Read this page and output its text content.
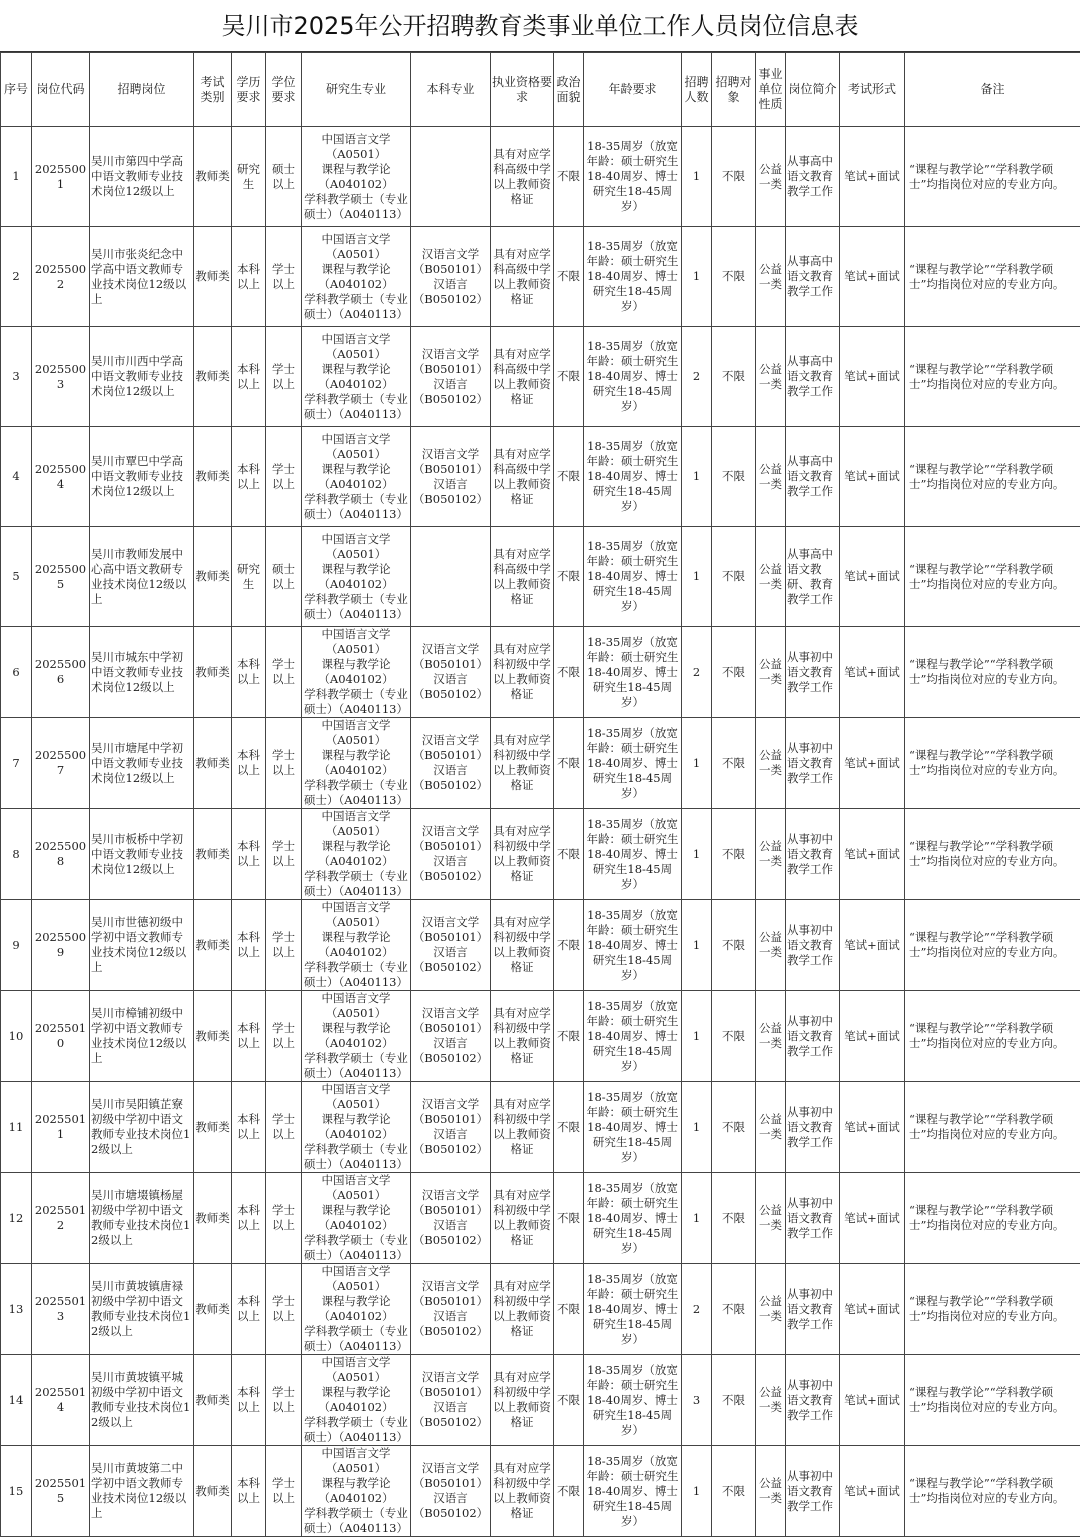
吴川市2025年公开招聘教育类事业单位工作人员岗位信息表
序号	岗位代码	招聘岗位	考试类别	学历要求	学位要求	研究生专业	本科专业	执业资格要求	政治面貌	年龄要求	招聘人数	招聘对象	事业单位性质	岗位简介	考试形式	备注
1	20255001	吴川市第四中学高中语文教师专业技术岗位12级以上	教师类	研究生	硕士以上	中国语言文学
（A0501）
课程与教学论
（A040102）
学科教学硕士（专业硕士）（A040113）		具有对应学科高级中学以上教师资格证	不限	18-35周岁（放宽年龄：硕士研究生18-40周岁、博士研究生18-45周岁）	1	不限	公益一类	从事高中语文教育教学工作	笔试+面试	“课程与教学论”“学科教学硕士”均指岗位对应的专业方向。
2	20255002	吴川市张炎纪念中学高中语文教师专业技术岗位12级以上	教师类	本科以上	学士以上	中国语言文学
（A0501）
课程与教学论
（A040102）
学科教学硕士（专业硕士）（A040113）	汉语言文学
（B050101）
汉语言
（B050102）	具有对应学科高级中学以上教师资格证	不限	18-35周岁（放宽年龄：硕士研究生18-40周岁、博士研究生18-45周岁）	1	不限	公益一类	从事高中语文教育教学工作	笔试+面试	“课程与教学论”“学科教学硕士”均指岗位对应的专业方向。
3	20255003	吴川市川西中学高中语文教师专业技术岗位12级以上	教师类	本科以上	学士以上	中国语言文学
（A0501）
课程与教学论
（A040102）
学科教学硕士（专业硕士）（A040113）	汉语言文学
（B050101）
汉语言
（B050102）	具有对应学科高级中学以上教师资格证	不限	18-35周岁（放宽年龄：硕士研究生18-40周岁、博士研究生18-45周岁）	2	不限	公益一类	从事高中语文教育教学工作	笔试+面试	“课程与教学论”“学科教学硕士”均指岗位对应的专业方向。
4	20255004	吴川市覃巴中学高中语文教师专业技术岗位12级以上	教师类	本科以上	学士以上	中国语言文学
（A0501）
课程与教学论
（A040102）
学科教学硕士（专业硕士）（A040113）	汉语言文学
（B050101）
汉语言
（B050102）	具有对应学科高级中学以上教师资格证	不限	18-35周岁（放宽年龄：硕士研究生18-40周岁、博士研究生18-45周岁）	1	不限	公益一类	从事高中语文教育教学工作	笔试+面试	“课程与教学论”“学科教学硕士”均指岗位对应的专业方向。
5	20255005	吴川市教师发展中心高中语文教研专业技术岗位12级以上	教师类	研究生	硕士以上	中国语言文学
（A0501）
课程与教学论
（A040102）
学科教学硕士（专业硕士）（A040113）		具有对应学科高级中学以上教师资格证	不限	18-35周岁（放宽年龄：硕士研究生18-40周岁、博士研究生18-45周岁）	1	不限	公益一类	从事高中语文教研、教育教学工作	笔试+面试	“课程与教学论”“学科教学硕士”均指岗位对应的专业方向。
6	20255006	吴川市城东中学初中语文教师专业技术岗位12级以上	教师类	本科以上	学士以上	中国语言文学
（A0501）
课程与教学论
（A040102）
学科教学硕士（专业硕士）（A040113）	汉语言文学
（B050101）
汉语言
（B050102）	具有对应学科初级中学以上教师资格证	不限	18-35周岁（放宽年龄：硕士研究生18-40周岁、博士研究生18-45周岁）	2	不限	公益一类	从事初中语文教育教学工作	笔试+面试	“课程与教学论”“学科教学硕士”均指岗位对应的专业方向。
7	20255007	吴川市塘尾中学初中语文教师专业技术岗位12级以上	教师类	本科以上	学士以上	中国语言文学
（A0501）
课程与教学论
（A040102）
学科教学硕士（专业硕士）（A040113）	汉语言文学
（B050101）
汉语言
（B050102）	具有对应学科初级中学以上教师资格证	不限	18-35周岁（放宽年龄：硕士研究生18-40周岁、博士研究生18-45周岁）	1	不限	公益一类	从事初中语文教育教学工作	笔试+面试	“课程与教学论”“学科教学硕士”均指岗位对应的专业方向。
8	20255008	吴川市板桥中学初中语文教师专业技术岗位12级以上	教师类	本科以上	学士以上	中国语言文学
（A0501）
课程与教学论
（A040102）
学科教学硕士（专业硕士）（A040113）	汉语言文学
（B050101）
汉语言
（B050102）	具有对应学科初级中学以上教师资格证	不限	18-35周岁（放宽年龄：硕士研究生18-40周岁、博士研究生18-45周岁）	1	不限	公益一类	从事初中语文教育教学工作	笔试+面试	“课程与教学论”“学科教学硕士”均指岗位对应的专业方向。
9	20255009	吴川市世德初级中学初中语文教师专业技术岗位12级以上	教师类	本科以上	学士以上	中国语言文学
（A0501）
课程与教学论
（A040102）
学科教学硕士（专业硕士）（A040113）	汉语言文学
（B050101）
汉语言
（B050102）	具有对应学科初级中学以上教师资格证	不限	18-35周岁（放宽年龄：硕士研究生18-40周岁、博士研究生18-45周岁）	1	不限	公益一类	从事初中语文教育教学工作	笔试+面试	“课程与教学论”“学科教学硕士”均指岗位对应的专业方向。
10	20255010	吴川市樟铺初级中学初中语文教师专业技术岗位12级以上	教师类	本科以上	学士以上	中国语言文学
（A0501）
课程与教学论
（A040102）
学科教学硕士（专业硕士）（A040113）	汉语言文学
（B050101）
汉语言
（B050102）	具有对应学科初级中学以上教师资格证	不限	18-35周岁（放宽年龄：硕士研究生18-40周岁、博士研究生18-45周岁）	1	不限	公益一类	从事初中语文教育教学工作	笔试+面试	“课程与教学论”“学科教学硕士”均指岗位对应的专业方向。
11	20255011	吴川市吴阳镇芷寮初级中学初中语文教师专业技术岗位12级以上	教师类	本科以上	学士以上	中国语言文学
（A0501）
课程与教学论
（A040102）
学科教学硕士（专业硕士）（A040113）	汉语言文学
（B050101）
汉语言
（B050102）	具有对应学科初级中学以上教师资格证	不限	18-35周岁（放宽年龄：硕士研究生18-40周岁、博士研究生18-45周岁）	1	不限	公益一类	从事初中语文教育教学工作	笔试+面试	“课程与教学论”“学科教学硕士”均指岗位对应的专业方向。
12	20255012	吴川市塘㙍镇杨屋初级中学初中语文教师专业技术岗位12级以上	教师类	本科以上	学士以上	中国语言文学
（A0501）
课程与教学论
（A040102）
学科教学硕士（专业硕士）（A040113）	汉语言文学
（B050101）
汉语言
（B050102）	具有对应学科初级中学以上教师资格证	不限	18-35周岁（放宽年龄：硕士研究生18-40周岁、博士研究生18-45周岁）	1	不限	公益一类	从事初中语文教育教学工作	笔试+面试	“课程与教学论”“学科教学硕士”均指岗位对应的专业方向。
13	20255013	吴川市黄坡镇唐禄初级中学初中语文教师专业技术岗位12级以上	教师类	本科以上	学士以上	中国语言文学
（A0501）
课程与教学论
（A040102）
学科教学硕士（专业硕士）（A040113）	汉语言文学
（B050101）
汉语言
（B050102）	具有对应学科初级中学以上教师资格证	不限	18-35周岁（放宽年龄：硕士研究生18-40周岁、博士研究生18-45周岁）	2	不限	公益一类	从事初中语文教育教学工作	笔试+面试	“课程与教学论”“学科教学硕士”均指岗位对应的专业方向。
14	20255014	吴川市黄坡镇平城初级中学初中语文教师专业技术岗位12级以上	教师类	本科以上	学士以上	中国语言文学
（A0501）
课程与教学论
（A040102）
学科教学硕士（专业硕士）（A040113）	汉语言文学
（B050101）
汉语言
（B050102）	具有对应学科初级中学以上教师资格证	不限	18-35周岁（放宽年龄：硕士研究生18-40周岁、博士研究生18-45周岁）	3	不限	公益一类	从事初中语文教育教学工作	笔试+面试	“课程与教学论”“学科教学硕士”均指岗位对应的专业方向。
15	20255015	吴川市黄坡第二中学初中语文教师专业技术岗位12级以上	教师类	本科以上	学士以上	中国语言文学
（A0501）
课程与教学论
（A040102）
学科教学硕士（专业硕士）（A040113）	汉语言文学
（B050101）
汉语言
（B050102）	具有对应学科初级中学以上教师资格证	不限	18-35周岁（放宽年龄：硕士研究生18-40周岁、博士研究生18-45周岁）	1	不限	公益一类	从事初中语文教育教学工作	笔试+面试	“课程与教学论”“学科教学硕士”均指岗位对应的专业方向。
